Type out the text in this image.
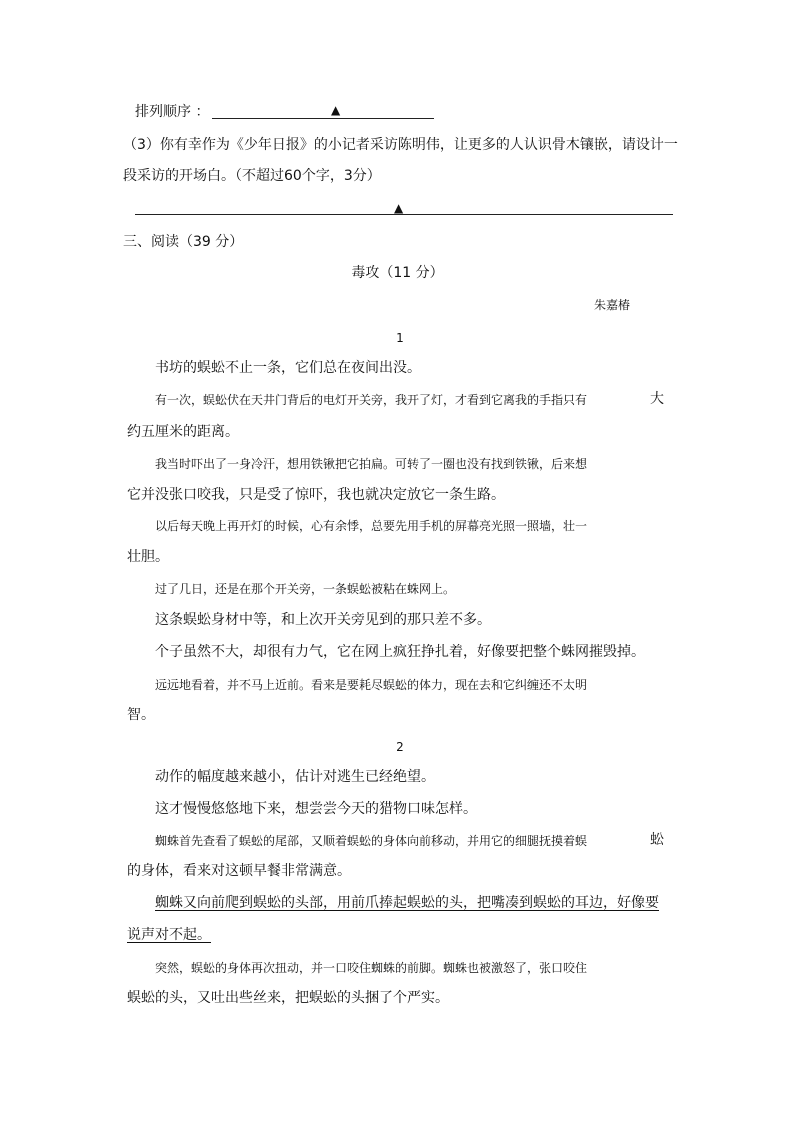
排列顺序 ：	▲
（3）你有幸作为《少年日报》的小记者采访陈明伟，让更多的人认识骨木镶嵌，请设计一
段采访的开场白。（不超过60个字，3分）
▲
三、阅读（39 分）
毒攻（11 分）
朱嘉椿
1
书坊的蜈蚣不止一条，它们总在夜间出没。
有一次，蜈蚣伏在天井门背后的电灯开关旁，我开了灯，才看到它离我的手指只有	大
约五厘米的距离。
我当时吓出了一身冷汗，想用铁锹把它拍扁。可转了一圈也没有找到铁锹，后来想
它并没张口咬我，只是受了惊吓，我也就决定放它一条生路。
以后每天晚上再开灯的时候，心有余悸，总要先用手机的屏幕亮光照一照墙，壮一
壮胆。
过了几日，还是在那个开关旁，一条蜈蚣被粘在蛛网上。
这条蜈蚣身材中等，和上次开关旁见到的那只差不多。
个子虽然不大，却很有力气，它在网上疯狂挣扎着，好像要把整个蛛网摧毁掉。
远远地看着，并不马上近前。看来是要耗尽蜈蚣的体力，现在去和它纠缠还不太明
智。
2
动作的幅度越来越小，估计对逃生已经绝望。
这才慢慢悠悠地下来，想尝尝今天的猎物口味怎样。
蜘蛛首先查看了蜈蚣的尾部，又顺着蜈蚣的身体向前移动，并用它的细腿抚摸着蜈	蚣
的身体，看来对这顿早餐非常满意。
蜘蛛又向前爬到蜈蚣的头部，用前爪捧起蜈蚣的头，把嘴凑到蜈蚣的耳边，好像要
说声对不起。
突然，蜈蚣的身体再次扭动，并一口咬住蜘蛛的前脚。蜘蛛也被激怒了，张口咬住
蜈蚣的头，又吐出些丝来，把蜈蚣的头捆了个严实。
